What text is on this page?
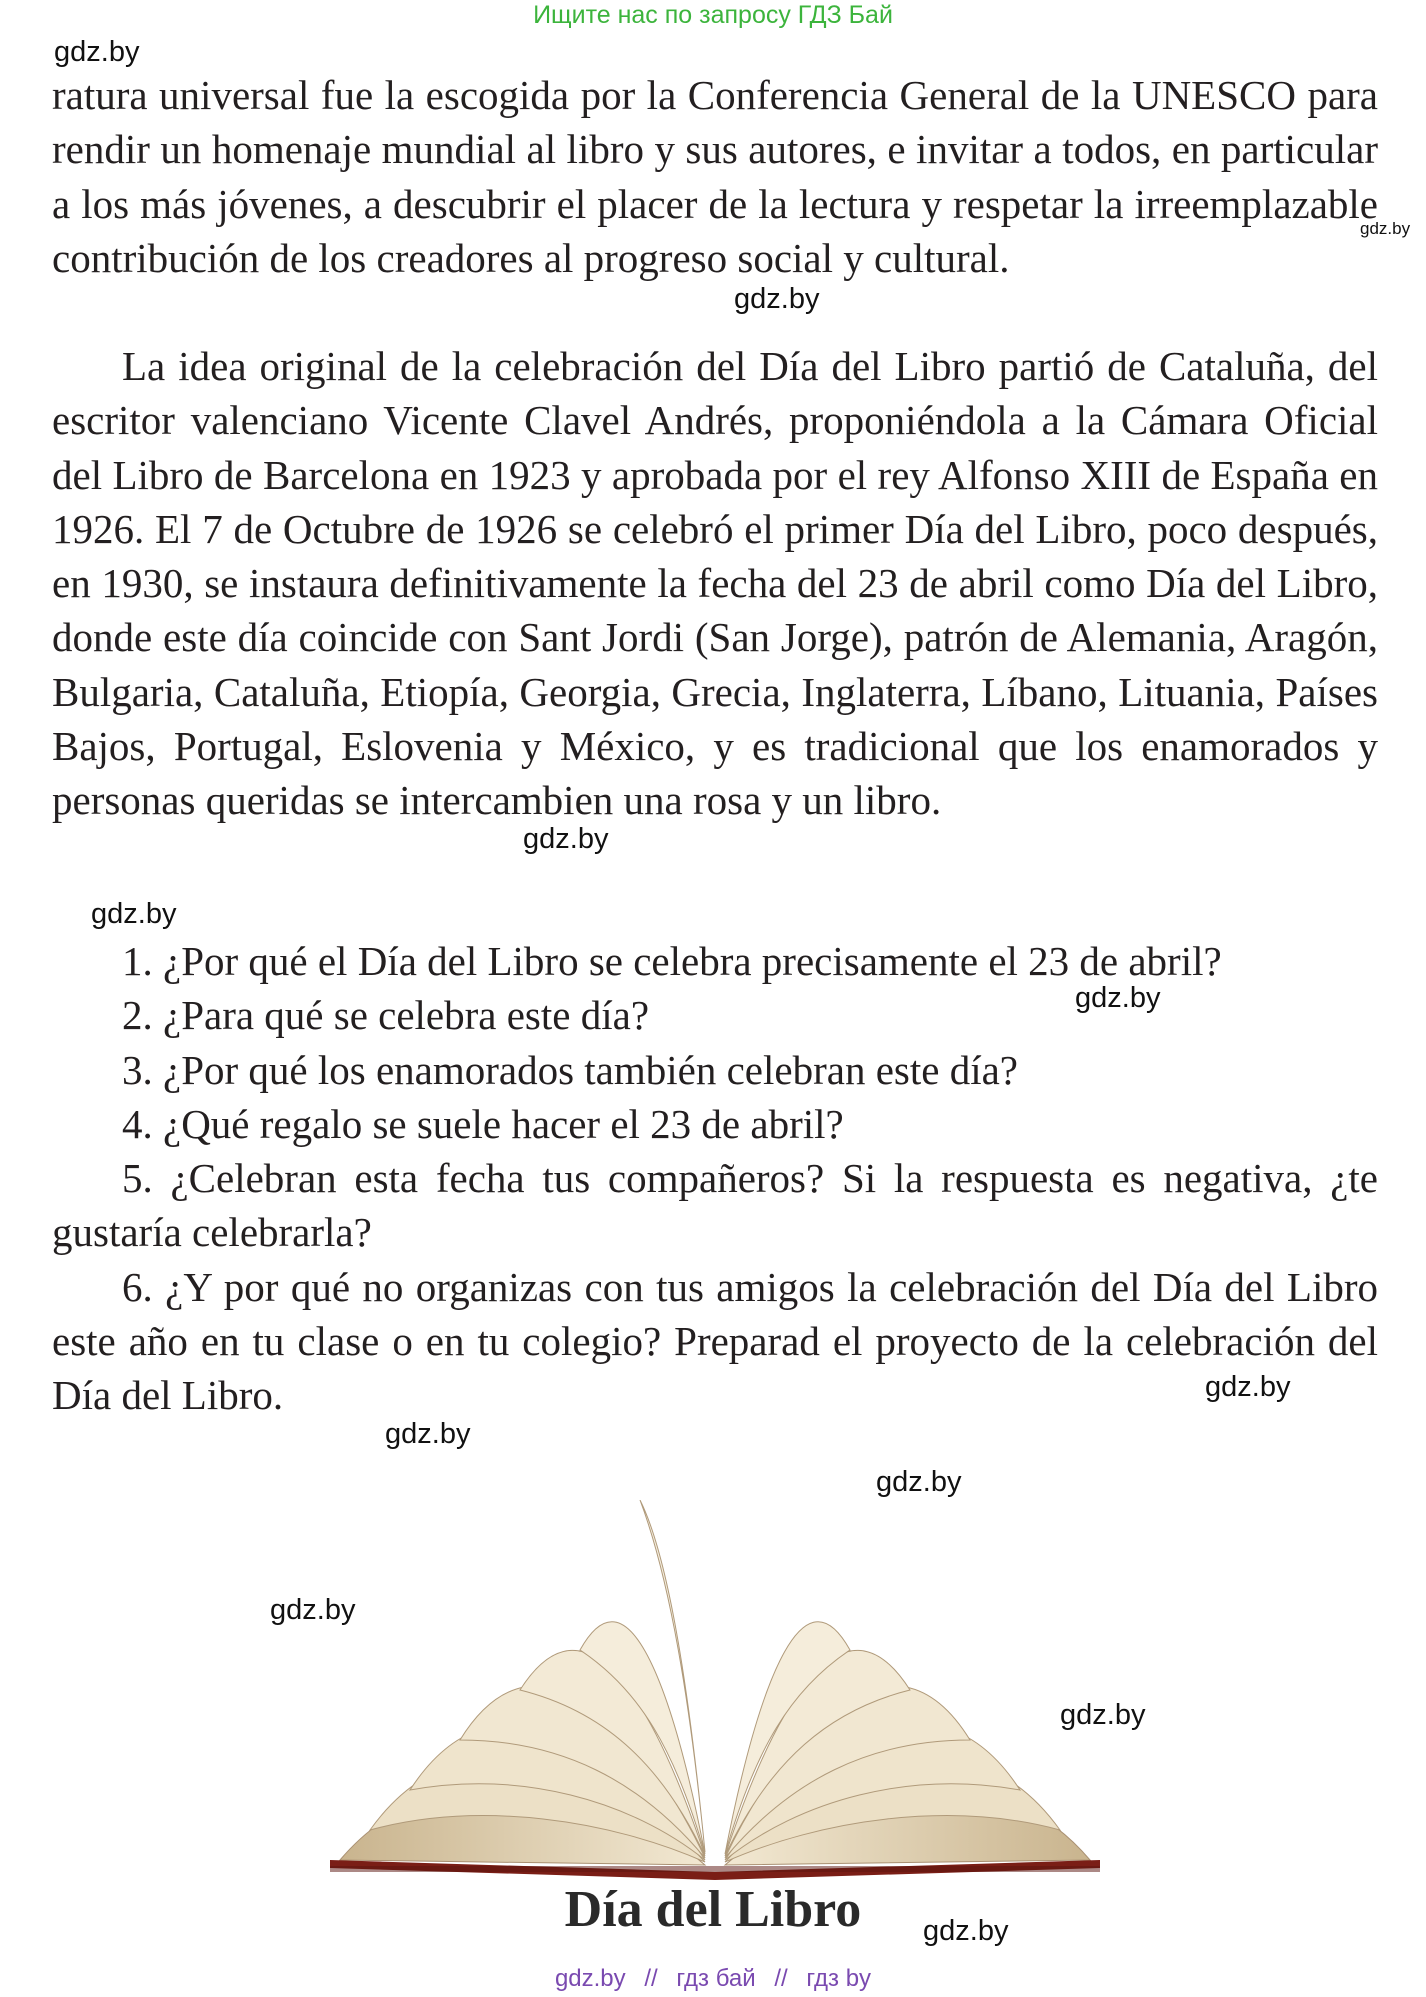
Ищите нас по запросу ГДЗ Бай
gdz.by
gdz.by
gdz.by
gdz.by
gdz.by
gdz.by
gdz.by
gdz.by
gdz.by
gdz.by
gdz.by
gdz.by

ratura universal fue la escogida por la Conferencia General de la UNESCO para rendir un homenaje mundial al libro y sus autores, e invitar a todos, en particular a los más jóvenes, a descubrir el placer de la lectura y respetar la irreemplazable contribución de los creadores al progreso social y cultural.

La idea original de la celebración del Día del Libro partió de Cataluña, del escritor valenciano Vicente Clavel Andrés, proponiéndola a la Cámara Oficial del Libro de Barcelona en 1923 y aprobada por el rey Alfonso XIII de España en 1926. El 7 de Octubre de 1926 se celebró el primer Día del Libro, poco después, en 1930, se instaura definitivamente la fecha del 23 de abril como Día del Libro, donde este día coincide con Sant Jordi (San Jorge), patrón de Alemania, Aragón, Bulgaria, Cataluña, Etiopía, Georgia, Grecia, Inglaterra, Líbano, Lituania, Países Bajos, Portugal, Eslovenia y México, y es tradicional que los enamorados y personas queridas se intercambien una rosa y un libro.

1. ¿Por qué el Día del Libro se celebra precisamente el 23 de abril?

2. ¿Para qué se celebra este día?

3. ¿Por qué los enamorados también celebran este día?

4. ¿Qué regalo se suele hacer el 23 de abril?

5. ¿Celebran esta fecha tus compañeros? Si la respuesta es negativa, ¿te gustaría celebrarla?

6. ¿Y por qué no organizas con tus amigos la celebración del Día del Libro este año en tu clase o en tu colegio? Preparad el proyecto de la celebración del Día del Libro.

Día del Libro
gdz.by // гдз бай // гдз by
